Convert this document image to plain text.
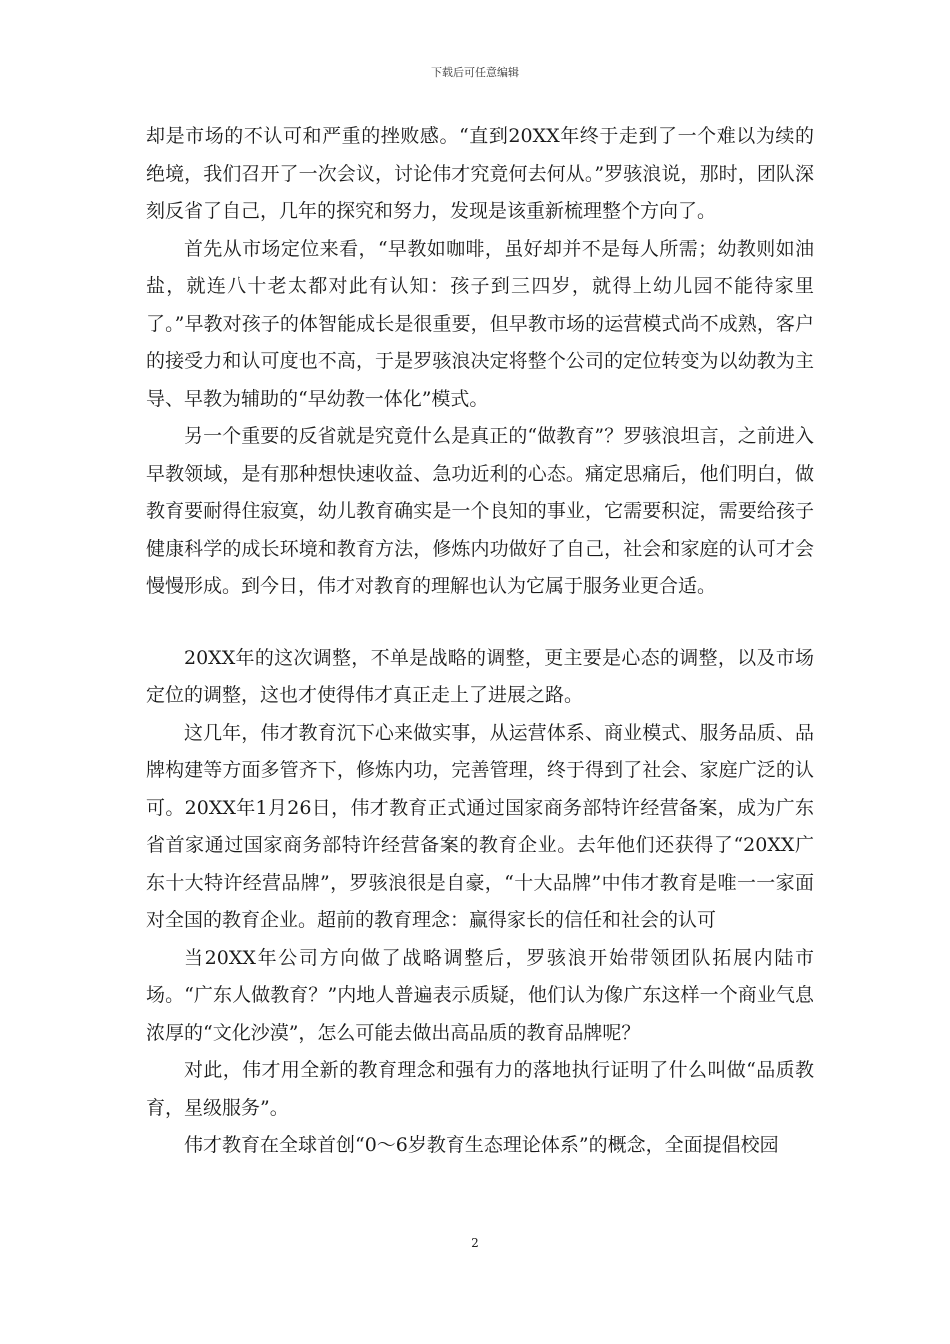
下载后可任意编辑

却是市场的不认可和严重的挫败感。“直到20XX年终于走到了一个难以为续的绝境，我们召开了一次会议，讨论伟才究竟何去何从。”罗骇浪说，那时，团队深刻反省了自己，几年的探究和努力，发现是该重新梳理整个方向了。

首先从市场定位来看，“早教如咖啡，虽好却并不是每人所需；幼教则如油盐，就连八十老太都对此有认知：孩子到三四岁，就得上幼儿园不能待家里了。”早教对孩子的体智能成长是很重要，但早教市场的运营模式尚不成熟，客户的接受力和认可度也不高，于是罗骇浪决定将整个公司的定位转变为以幼教为主导、早教为辅助的“早幼教一体化”模式。

另一个重要的反省就是究竟什么是真正的“做教育”？罗骇浪坦言，之前进入早教领域，是有那种想快速收益、急功近利的心态。痛定思痛后，他们明白，做教育要耐得住寂寞，幼儿教育确实是一个良知的事业，它需要积淀，需要给孩子健康科学的成长环境和教育方法，修炼内功做好了自己，社会和家庭的认可才会慢慢形成。到今日，伟才对教育的理解也认为它属于服务业更合适。

20XX年的这次调整，不单是战略的调整，更主要是心态的调整，以及市场定位的调整，这也才使得伟才真正走上了进展之路。

这几年，伟才教育沉下心来做实事，从运营体系、商业模式、服务品质、品牌构建等方面多管齐下，修炼内功，完善管理，终于得到了社会、家庭广泛的认可。20XX年1月26日，伟才教育正式通过国家商务部特许经营备案，成为广东省首家通过国家商务部特许经营备案的教育企业。去年他们还获得了“20XX广东十大特许经营品牌”，罗骇浪很是自豪，“十大品牌”中伟才教育是唯一一家面对全国的教育企业。超前的教育理念：赢得家长的信任和社会的认可

当20XX年公司方向做了战略调整后，罗骇浪开始带领团队拓展内陆市场。“广东人做教育？”内地人普遍表示质疑，他们认为像广东这样一个商业气息浓厚的“文化沙漠”，怎么可能去做出高品质的教育品牌呢？

对此，伟才用全新的教育理念和强有力的落地执行证明了什么叫做“品质教育，星级服务”。

伟才教育在全球首创“0～6岁教育生态理论体系”的概念，全面提倡校园

2
